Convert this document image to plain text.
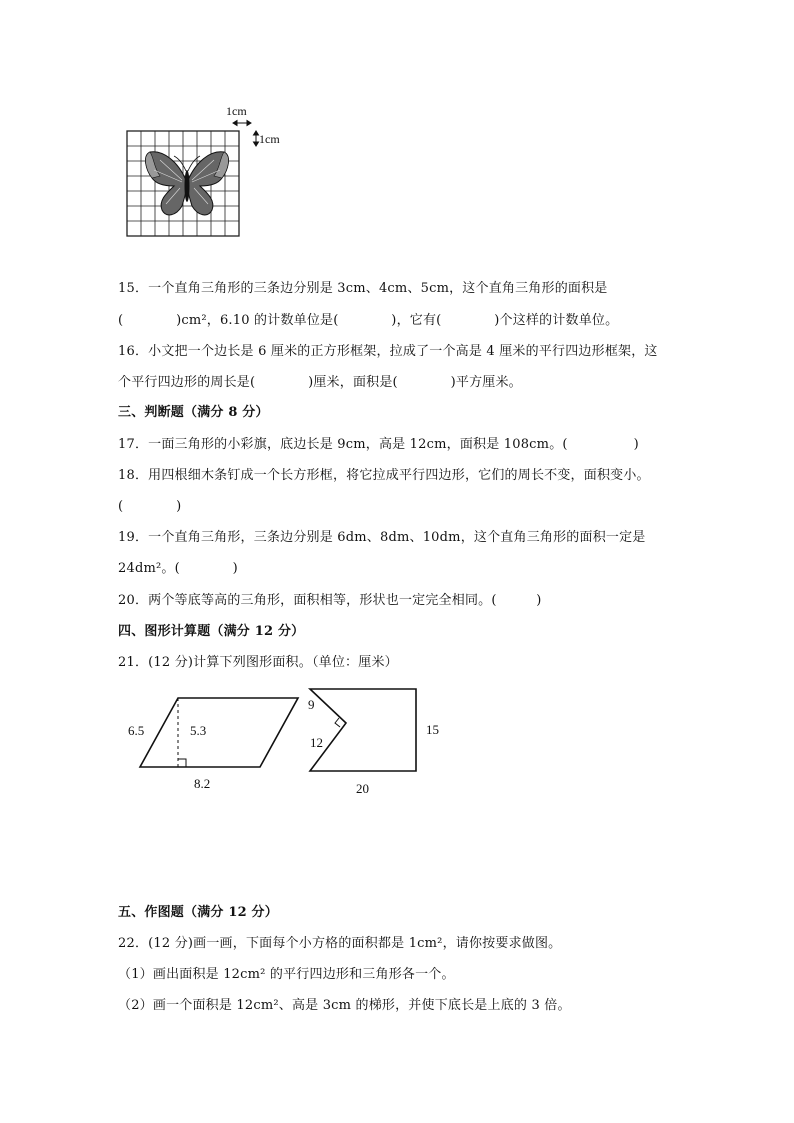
1cm
1cm
15．一个直角三角形的三条边分别是 3cm、4cm、5cm，这个直角三角形的面积是
(　　　　)cm²，6.10 的计数单位是(　　　　)，它有(　　　　)个这样的计数单位。
16．小文把一个边长是 6 厘米的正方形框架，拉成了一个高是 4 厘米的平行四边形框架，这
个平行四边形的周长是(　　　　)厘米，面积是(　　　　)平方厘米。
三、判断题（满分 8 分）
17．一面三角形的小彩旗，底边长是 9cm，高是 12cm，面积是 108cm。(　　　　　)
18．用四根细木条钉成一个长方形框，将它拉成平行四边形，它们的周长不变，面积变小。
(　　　　)
19．一个直角三角形，三条边分别是 6dm、8dm、10dm，这个直角三角形的面积一定是
24dm²。(　　　　)
20．两个等底等高的三角形，面积相等，形状也一定完全相同。(　　　)
四、图形计算题（满分 12 分）
21．(12 分)计算下列图形面积。（单位：厘米）
6.5	5.3
8.2
9
12
15
20
五、作图题（满分 12 分）
22．(12 分)画一画，下面每个小方格的面积都是 1cm²，请你按要求做图。
（1）画出面积是 12cm² 的平行四边形和三角形各一个。
（2）画一个面积是 12cm²、高是 3cm 的梯形，并使下底长是上底的 3 倍。
